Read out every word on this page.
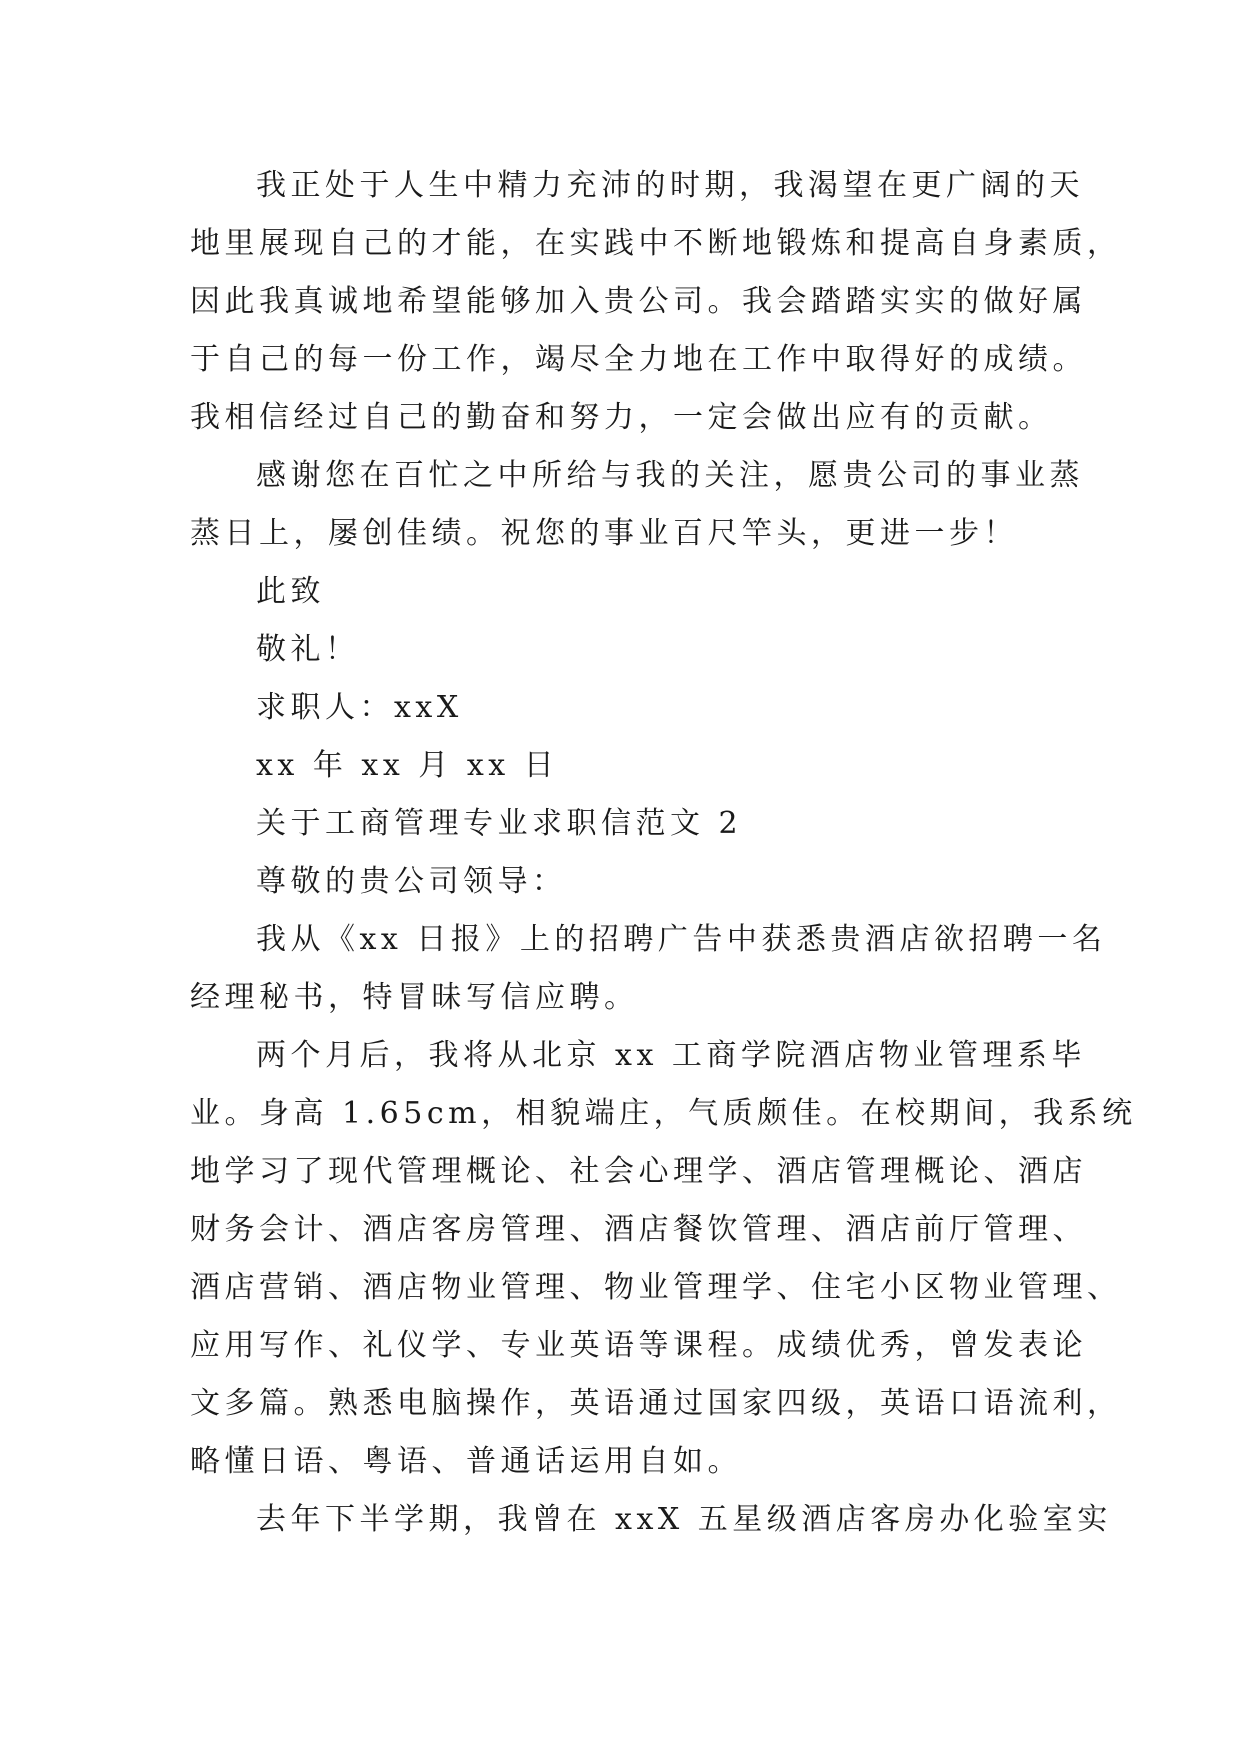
我正处于人生中精力充沛的时期，我渴望在更广阔的天
地里展现自己的才能，在实践中不断地锻炼和提高自身素质，
因此我真诚地希望能够加入贵公司。我会踏踏实实的做好属
于自己的每一份工作，竭尽全力地在工作中取得好的成绩。
我相信经过自己的勤奋和努力，一定会做出应有的贡献。
感谢您在百忙之中所给与我的关注，愿贵公司的事业蒸
蒸日上，屡创佳绩。祝您的事业百尺竿头，更进一步！
此致
敬礼！
求职人：xxX
xx 年 xx 月 xx 日
关于工商管理专业求职信范文 2
尊敬的贵公司领导：
我从《xx 日报》上的招聘广告中获悉贵酒店欲招聘一名
经理秘书，特冒昧写信应聘。
两个月后，我将从北京 xx 工商学院酒店物业管理系毕
业。身高 1.65cm，相貌端庄，气质颇佳。在校期间，我系统
地学习了现代管理概论、社会心理学、酒店管理概论、酒店
财务会计、酒店客房管理、酒店餐饮管理、酒店前厅管理、
酒店营销、酒店物业管理、物业管理学、住宅小区物业管理、
应用写作、礼仪学、专业英语等课程。成绩优秀，曾发表论
文多篇。熟悉电脑操作，英语通过国家四级，英语口语流利，
略懂日语、粤语、普通话运用自如。
去年下半学期，我曾在 xxX 五星级酒店客房办化验室实
